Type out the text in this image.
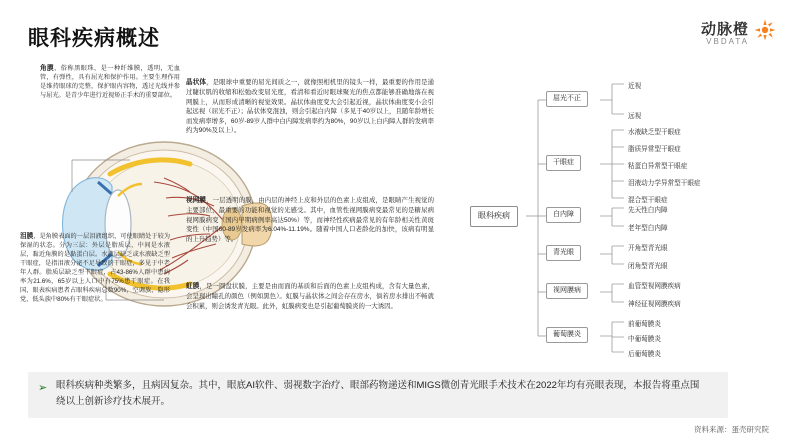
眼科疾病概述	动脉橙
VBDATA
角膜，俗称黑眼珠，是一种纤维膜，透明，无血管，有弹性，具有屈光和保护作用。主要生理作用是维持眼球的完整，保护眼内容物，透过光线并参与屈光。是青少年进行近视矫正手术的重要部位。
泪膜，是角膜表面的一层泪液组织，可使眼睛处于较为保湿的状态。分为三层：外层是脂质层，中间是水液层，黏近角膜的是黏蛋白层。水液层缺乏或水液缺乏型干眼症，是指泪液分泌不足导致的干眼症，多见于中老年人群。脂质层缺乏型干眼症，占43-86%人群中患病率为21.6%，65岁以上人口中有75%患干眼症。在我国，眼表疾病患者占眼科疾病总数90%，空调族、隐形党、低头族中80%有干眼症状。
晶状体，是眼球中重要的屈光间质之一，就像照相机里的镜头一样，最重要的作用是通过睫状肌的收缩和松弛改变屈光度，看清和看近时眼球聚光的焦点都能够准确地落在视网膜上，从而形成清晰的视觉效果。晶状体曲度变大会引起近视，晶状体曲度变小会引起远视（屈光不正）；晶状体变混浊，则会引起白内障（多见于40岁以上，且随年龄增长而发病率增多，60岁-89岁人群中白内障发病率约为80%，90岁以上白内障人群的发病率约为90%及以上）。
视网膜，一层透明的膜，由内层的神经上皮和外层的色素上皮组成，是眼睛产生视觉的主要部位，最重要的功能和视觉的光感受。其中，血管性视网膜病变最常见的是糖尿病视网膜病变（国内早期病例率高达50%）等，而神经性疾病最常见的有年龄相关性黄斑变性（中国60-89岁发病率为6.04%-11.19%。随着中国人口老龄化的加快，该病有明显的上升趋势）等。
虹膜，是一圆盘状膜，主要是由而面的基质和后面的色素上皮组构成，含有大量色素，会呈现出瞳孔的颜色（例如黑色）。虹膜与晶状体之间会存在房水，倘若房水排出不畅就会积累，则会诱发青光眼。此外，虹膜病变也是引起葡萄膜炎的一大诱因。
眼科疾病
屈光不正
干眼症
白内障
青光眼
视网膜病
葡萄膜炎
近视
远视
水液缺乏型干眼症
脂质异常型干眼症
粘蛋白异常型干眼症
泪液动力学异常型干眼症
混合型干眼症
先天性白内障
老年型白内障
开角型青光眼
闭角型青光眼
血管型视网膜疾病
神经征视网膜疾病
前葡萄膜炎
中葡萄膜炎
后葡萄膜炎
➢ 眼科疾病种类繁多，且病因复杂。其中，眼底AI软件、弱视数字治疗、眼部药物递送和MIGS微创青光眼手术技术在2022年均有亮眼表现，本报告将重点围绕以上创新诊疗技术展开。
资料来源：蛋壳研究院
